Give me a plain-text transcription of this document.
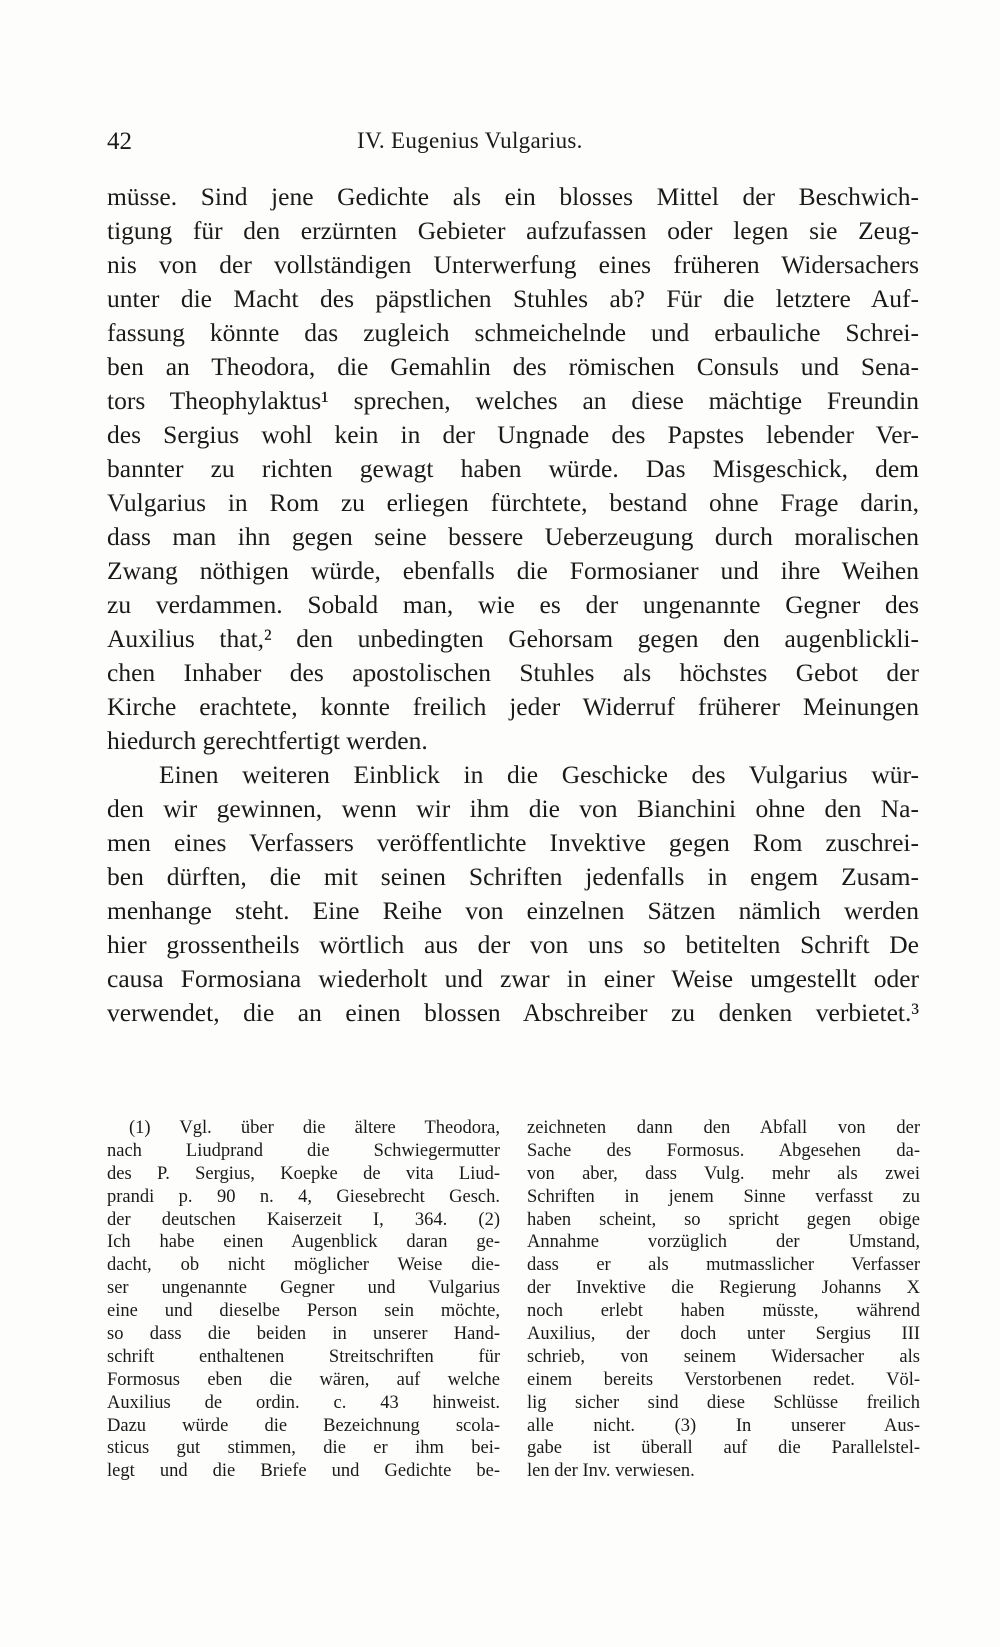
42	IV. Eugenius Vulgarius.
müsse. Sind jene Gedichte als ein blosses Mittel der Beschwich-
tigung für den erzürnten Gebieter aufzufassen oder legen sie Zeug-
nis von der vollständigen Unterwerfung eines früheren Widersachers
unter die Macht des päpstlichen Stuhles ab? Für die letztere Auf-
fassung könnte das zugleich schmeichelnde und erbauliche Schrei-
ben an Theodora, die Gemahlin des römischen Consuls und Sena-
tors Theophylaktus¹ sprechen, welches an diese mächtige Freundin
des Sergius wohl kein in der Ungnade des Papstes lebender Ver-
bannter zu richten gewagt haben würde. Das Misgeschick, dem
Vulgarius in Rom zu erliegen fürchtete, bestand ohne Frage darin,
dass man ihn gegen seine bessere Ueberzeugung durch moralischen
Zwang nöthigen würde, ebenfalls die Formosianer und ihre Weihen
zu verdammen. Sobald man, wie es der ungenannte Gegner des
Auxilius that,² den unbedingten Gehorsam gegen den augenblickli-
chen Inhaber des apostolischen Stuhles als höchstes Gebot der
Kirche erachtete, konnte freilich jeder Widerruf früherer Meinungen
hiedurch gerechtfertigt werden.
Einen weiteren Einblick in die Geschicke des Vulgarius wür-
den wir gewinnen, wenn wir ihm die von Bianchini ohne den Na-
men eines Verfassers veröffentlichte Invektive gegen Rom zuschrei-
ben dürften, die mit seinen Schriften jedenfalls in engem Zusam-
menhange steht. Eine Reihe von einzelnen Sätzen nämlich werden
hier grossentheils wörtlich aus der von uns so betitelten Schrift De
causa Formosiana wiederholt und zwar in einer Weise umgestellt oder
verwendet, die an einen blossen Abschreiber zu denken verbietet.³
(1) Vgl. über die ältere Theodora,
nach Liudprand die Schwiegermutter
des P. Sergius, Koepke de vita Liud-
prandi p. 90 n. 4, Giesebrecht Gesch.
der deutschen Kaiserzeit I, 364. (2)
Ich habe einen Augenblick daran ge-
dacht, ob nicht möglicher Weise die-
ser ungenannte Gegner und Vulgarius
eine und dieselbe Person sein möchte,
so dass die beiden in unserer Hand-
schrift enthaltenen Streitschriften für
Formosus eben die wären, auf welche
Auxilius de ordin. c. 43 hinweist.
Dazu würde die Bezeichnung scola-
sticus gut stimmen, die er ihm bei-
legt und die Briefe und Gedichte be-
zeichneten dann den Abfall von der
Sache des Formosus. Abgesehen da-
von aber, dass Vulg. mehr als zwei
Schriften in jenem Sinne verfasst zu
haben scheint, so spricht gegen obige
Annahme vorzüglich der Umstand,
dass er als mutmasslicher Verfasser
der Invektive die Regierung Johanns X
noch erlebt haben müsste, während
Auxilius, der doch unter Sergius III
schrieb, von seinem Widersacher als
einem bereits Verstorbenen redet. Völ-
lig sicher sind diese Schlüsse freilich
alle nicht. (3) In unserer Aus-
gabe ist überall auf die Parallelstel-
len der Inv. verwiesen.
